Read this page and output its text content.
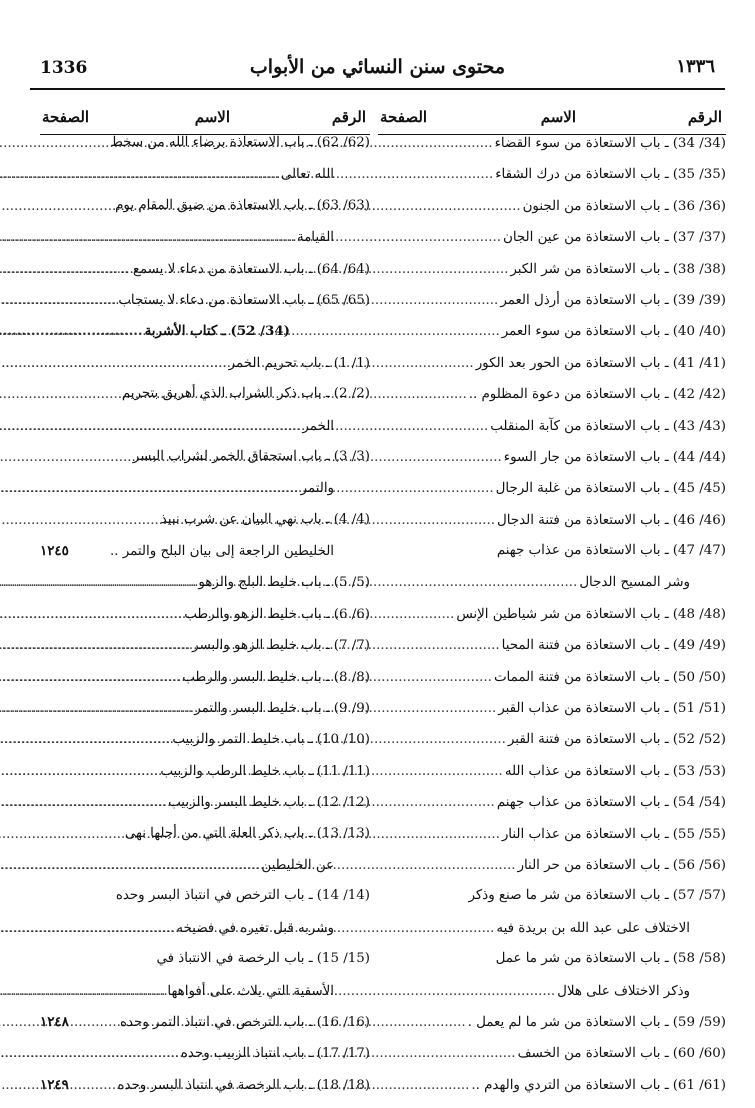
1336	محتوى سنن النسائي من الأبواب	١٣٣٦
الرقم
الاسم
الصفحة
(34 /34)
ـ باب الاستعاذة من سوء القضاء
.....
(35 /35)
ـ باب الاستعاذة من درك الشقاء
.....
(36 /36)
ـ باب الاستعاذة من الجنون
.....
(37 /37)
ـ باب الاستعاذة من عين الجان
.....
(38 /38)
ـ باب الاستعاذة من شر الكبر
.....
(39 /39)
ـ باب الاستعاذة من أرذل العمر
.....
(40 /40)
ـ باب الاستعاذة من سوء العمر
.....
(41 /41)
ـ باب الاستعاذة من الحور بعد الكور
.....
(42 /42)
ـ باب الاستعاذة من دعوة المظلوم ..
.....
(43 /43)
ـ باب الاستعاذة من كآبة المنقلب
.....
(44 /44)
ـ باب الاستعاذة من جار السوء
.....
(45 /45)
ـ باب الاستعاذة من غلبة الرجال
.....
(46 /46)
ـ باب الاستعاذة من فتنة الدجال
.....
(47 /47)
ـ باب الاستعاذة من عذاب جهنم
وشر المسيح الدجال
.....
(48 /48)
ـ باب الاستعاذة من شر شياطين الإنس
.....
(49 /49)
ـ باب الاستعاذة من فتنة المحيا
.....
(50 /50)
ـ باب الاستعاذة من فتنة الممات
.....
(51 /51)
ـ باب الاستعاذة من عذاب القبر
.....
(52 /52)
ـ باب الاستعاذة من فتنة القبر
.....
(53 /53)
ـ باب الاستعاذة من عذاب الله
.....
(54 /54)
ـ باب الاستعاذة من عذاب جهنم
.....
(55 /55)
ـ باب الاستعاذة من عذاب النار
.....
(56 /56)
ـ باب الاستعاذة من حر النار
.....
(57 /57)
ـ باب الاستعاذة من شر ما صنع وذكر
الاختلاف على عبد الله بن بريدة فيه
.....
(58 /58)
ـ باب الاستعاذة من شر ما عمل
وذكر الاختلاف على هلال
.....
(59 /59)
ـ باب الاستعاذة من شر ما لم يعمل .
.....
(60 /60)
ـ باب الاستعاذة من الخسف
.....
(61 /61)
ـ باب الاستعاذة من التردي والهدم ..
.....
الرقم
الاسم
الصفحة
(62 /62)
ـ باب الاستعاذة برضاء الله من سخط
الله تعالى
.....
(63 /63)
ـ باب الاستعاذة من ضيق المقام يوم
القيامة
.....
(64 /64)
ـ باب الاستعاذة من دعاء لا يسمع ..
.....
(65 /65)
ـ باب الاستعاذة من دعاء لا يستجاب
.....
(34/ 52) ـ كتاب الأشربة
.....
(1 /1)
ـ باب تحريم الخمر
.....
(2 /2)
ـ باب ذكر الشراب الذي أهريق بتحريم
الخمر
.....
(3 /3)
ـ باب استحقاق الخمر لشراب البسر
والتمر
.....
(4 /4)
ـ باب نهي البيان عن شرب نبيذ
الخليطين الراجعة إلى بيان البلح والتمر ..
١٢٤٥
(5 /5)
ـ باب خليط البلح والزهو
.....
(6 /6)
ـ باب خليط الزهو والرطب
.....
(7 /7)
ـ باب خليط الزهو والبسر
.....
(8 /8)
ـ باب خليط البسر والرطب
.....
(9 /9)
ـ باب خليط البسر والتمر
.....
(10 /10)
ـ باب خليط التمر والزبيب
.....
(11 /11)
ـ باب خليط الرطب والزبيب
.....
(12 /12)
ـ باب خليط البسر والزبيب
.....
(13 /13)
ـ باب ذكر العلة التي من أجلها نهى
عن الخليطين
.....
(14 /14)
ـ باب الترخص في انتباذ البسر وحده
وشربه قبل تغيره في فضيخه
.....
(15 /15)
ـ باب الرخصة في الانتباذ في
الأسقية التي يلاث على أفواهها
.....
(16 /16)
ـ باب الترخص في انتباذ التمر وحده
١٢٤٨
(17 /17)
ـ باب انتباذ الزبيب وحده
.....
(18 /18)
ـ باب الرخصة في انتباذ البسر وحده
١٢٤٩
